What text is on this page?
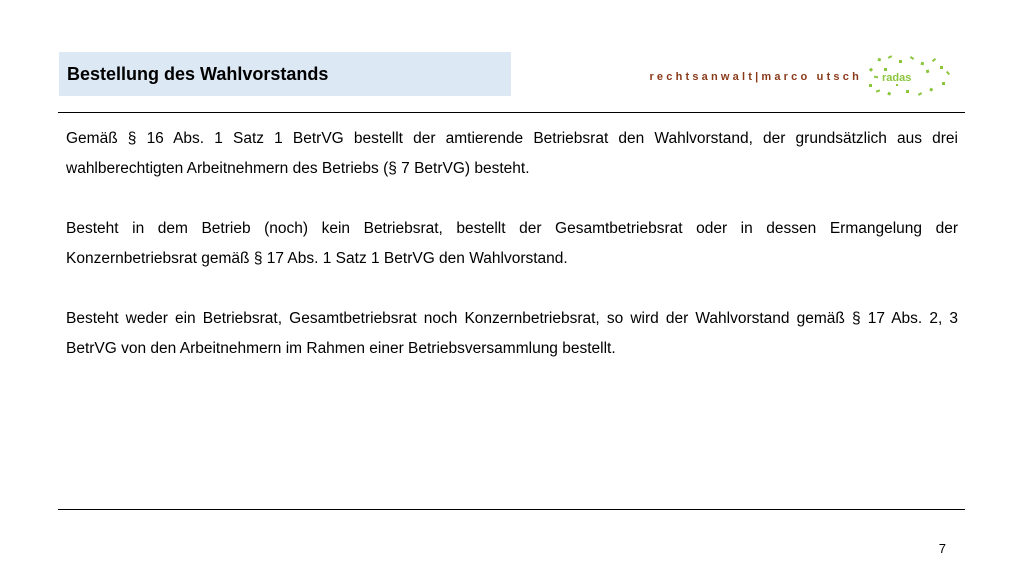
Bestellung des Wahlvorstands	rechtsanwalt|marco utsch radas

Gemäß § 16 Abs. 1 Satz 1 BetrVG bestellt der amtierende Betriebsrat den Wahlvorstand, der grundsätzlich aus drei wahlberechtigten Arbeitnehmern des Betriebs (§ 7 BetrVG) besteht.

Besteht in dem Betrieb (noch) kein Betriebsrat, bestellt der Gesamtbetriebsrat oder in dessen Ermangelung der Konzernbetriebsrat gemäß § 17 Abs. 1 Satz 1 BetrVG den Wahlvorstand.

Besteht weder ein Betriebsrat, Gesamtbetriebsrat noch Konzernbetriebsrat, so wird der Wahlvorstand gemäß § 17 Abs. 2, 3 BetrVG von den Arbeitnehmern im Rahmen einer Betriebsversammlung bestellt.

7
